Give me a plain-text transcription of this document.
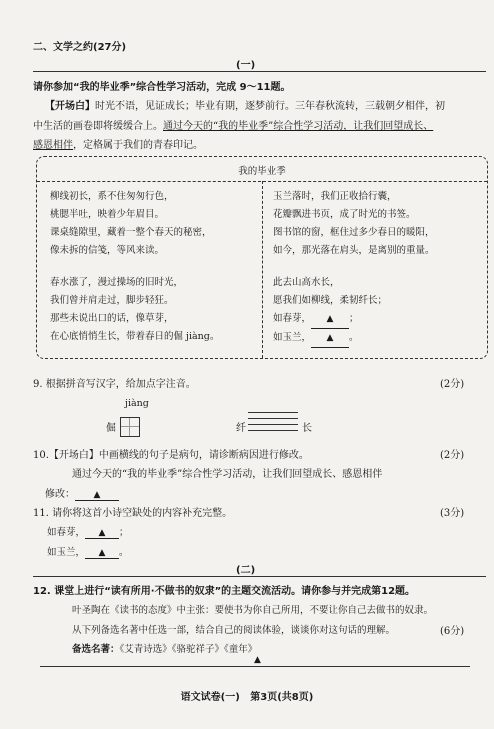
二、文学之约(27分)
(一)
请你参加“我的毕业季”综合性学习活动，完成 9～11题。
【开场白】时光不语，见证成长；毕业有期，逐梦前行。三年春秋流转，三载朝夕相伴，初
中生活的画卷即将缓缓合上。通过今天的“我的毕业季”综合性学习活动，让我们回望成长、
感恩相伴，定格属于我们的青春印记。
我的毕业季
柳线初长，系不住匆匆行色，
桃腮半吐，映着少年眉目。
课桌缝隙里，藏着一整个春天的秘密，
像未拆的信笺，等风来读。
春水涨了，漫过操场的旧时光，
我们曾并肩走过，脚步轻狂。
那些未说出口的话，像草芽，
在心底悄悄生长，带着春日的倔 jiàng。
玉兰落时，我们正收拾行囊，
花瓣飘进书页，成了时光的书签。
图书馆的窗，框住过多少春日的暖阳，
如今，那光落在肩头，是离别的重量。
此去山高水长，
愿我们如柳线，柔韧纤长；
如春芽， ▲ ；
如玉兰， ▲ 。
9. 根据拼音写汉字，给加点字注音。	(2分)
jiàng
倔	纤	长
10.【开场白】中画横线的句子是病句，请诊断病因进行修改。	(2分)
通过今天的“我的毕业季”综合性学习活动，让我们回望成长、感恩相伴
修改： ▲
11. 请你将这首小诗空缺处的内容补充完整。	(3分)
如春芽， ▲ ；
如玉兰， ▲ 。
(二)
12. 课堂上进行“读有所用·不做书的奴隶”的主题交流活动。请你参与并完成第12题。
叶圣陶在《读书的态度》中主张：要使书为你自己所用，不要让你自己去做书的奴隶。
从下列备选名著中任选一部，结合自己的阅读体验，谈谈你对这句话的理解。	(6分)
备选名著：《艾青诗选》《骆驼祥子》《童年》
▲
语文试卷(一)   第3页(共8页)
